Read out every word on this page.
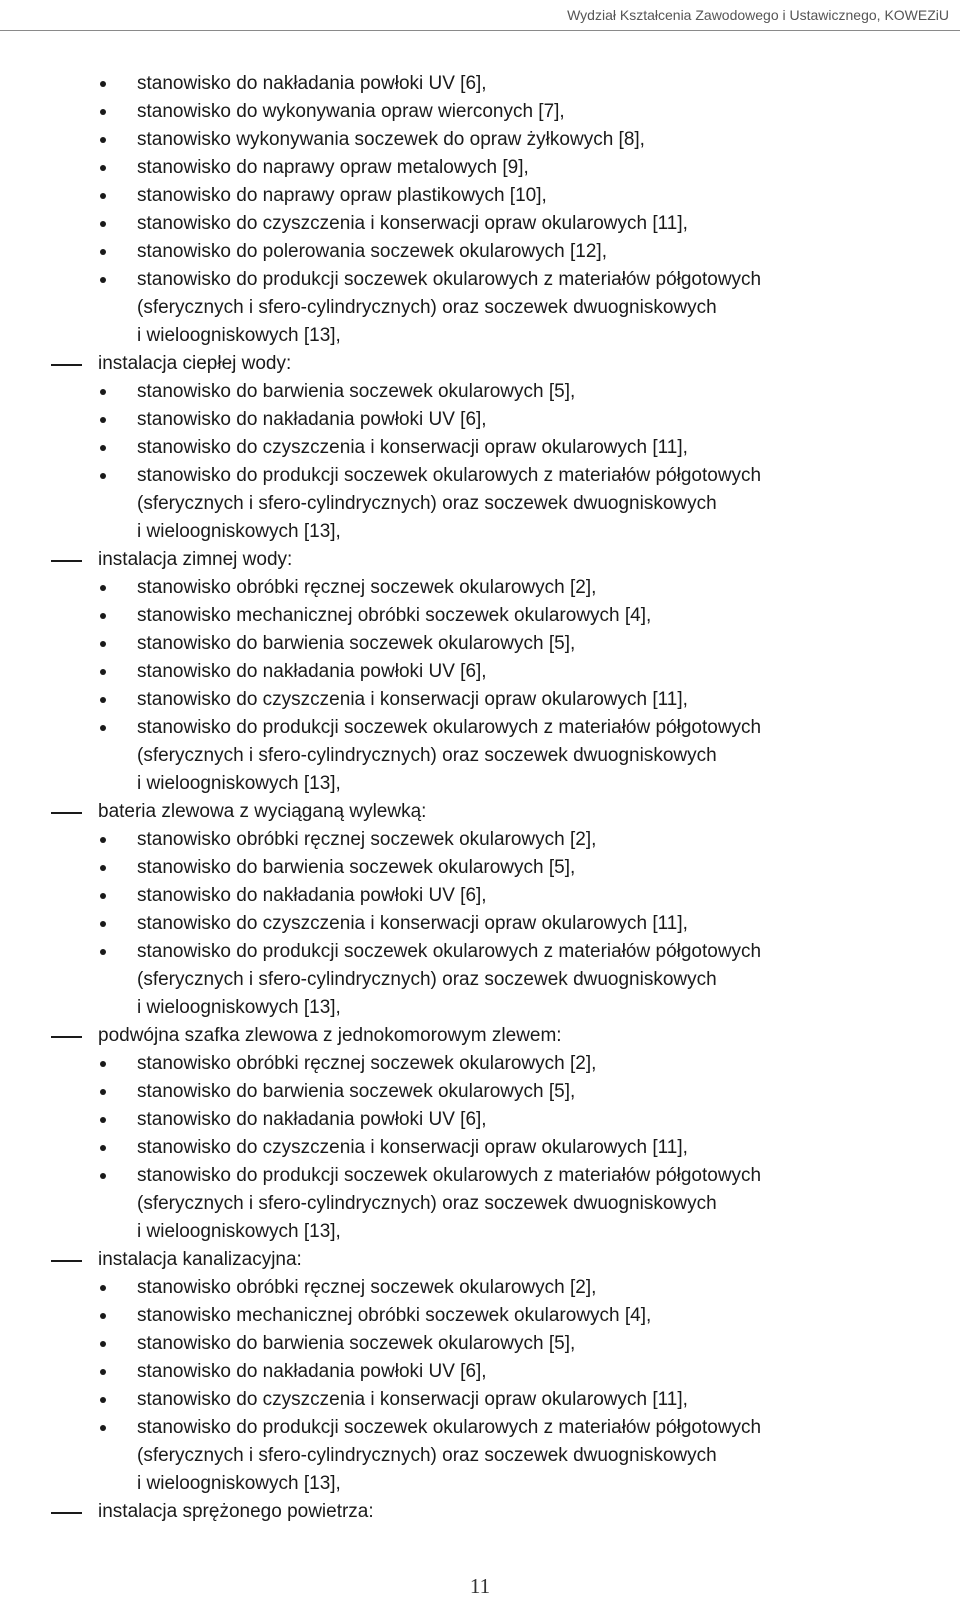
Wydział Kształcenia Zawodowego i Ustawicznego, KOWEZiU
stanowisko do nakładania powłoki UV [6],
stanowisko do wykonywania opraw wierconych [7],
stanowisko wykonywania soczewek do opraw żyłkowych [8],
stanowisko do naprawy opraw metalowych [9],
stanowisko do naprawy opraw plastikowych [10],
stanowisko do czyszczenia i konserwacji opraw okularowych [11],
stanowisko do polerowania soczewek okularowych [12],
stanowisko do produkcji soczewek okularowych z materiałów półgotowych
(sferycznych i sfero-cylindrycznych) oraz soczewek dwuogniskowych
i wieloogniskowych [13],
instalacja ciepłej wody:
stanowisko do barwienia soczewek okularowych [5],
stanowisko do nakładania powłoki UV [6],
stanowisko do czyszczenia i konserwacji opraw okularowych [11],
stanowisko do produkcji soczewek okularowych z materiałów półgotowych
(sferycznych i sfero-cylindrycznych) oraz soczewek dwuogniskowych
i wieloogniskowych [13],
instalacja zimnej wody:
stanowisko obróbki ręcznej soczewek okularowych [2],
stanowisko mechanicznej obróbki soczewek okularowych [4],
stanowisko do barwienia soczewek okularowych [5],
stanowisko do nakładania powłoki UV [6],
stanowisko do czyszczenia i konserwacji opraw okularowych [11],
stanowisko do produkcji soczewek okularowych z materiałów półgotowych
(sferycznych i sfero-cylindrycznych) oraz soczewek dwuogniskowych
i wieloogniskowych [13],
bateria zlewowa z wyciąganą wylewką:
stanowisko obróbki ręcznej soczewek okularowych [2],
stanowisko do barwienia soczewek okularowych [5],
stanowisko do nakładania powłoki UV [6],
stanowisko do czyszczenia i konserwacji opraw okularowych [11],
stanowisko do produkcji soczewek okularowych z materiałów półgotowych
(sferycznych i sfero-cylindrycznych) oraz soczewek dwuogniskowych
i wieloogniskowych [13],
podwójna szafka zlewowa z jednokomorowym zlewem:
stanowisko obróbki ręcznej soczewek okularowych [2],
stanowisko do barwienia soczewek okularowych [5],
stanowisko do nakładania powłoki UV [6],
stanowisko do czyszczenia i konserwacji opraw okularowych [11],
stanowisko do produkcji soczewek okularowych z materiałów półgotowych
(sferycznych i sfero-cylindrycznych) oraz soczewek dwuogniskowych
i wieloogniskowych [13],
instalacja kanalizacyjna:
stanowisko obróbki ręcznej soczewek okularowych [2],
stanowisko mechanicznej obróbki soczewek okularowych [4],
stanowisko do barwienia soczewek okularowych [5],
stanowisko do nakładania powłoki UV [6],
stanowisko do czyszczenia i konserwacji opraw okularowych [11],
stanowisko do produkcji soczewek okularowych z materiałów półgotowych
(sferycznych i sfero-cylindrycznych) oraz soczewek dwuogniskowych
i wieloogniskowych [13],
instalacja sprężonego powietrza:
11
